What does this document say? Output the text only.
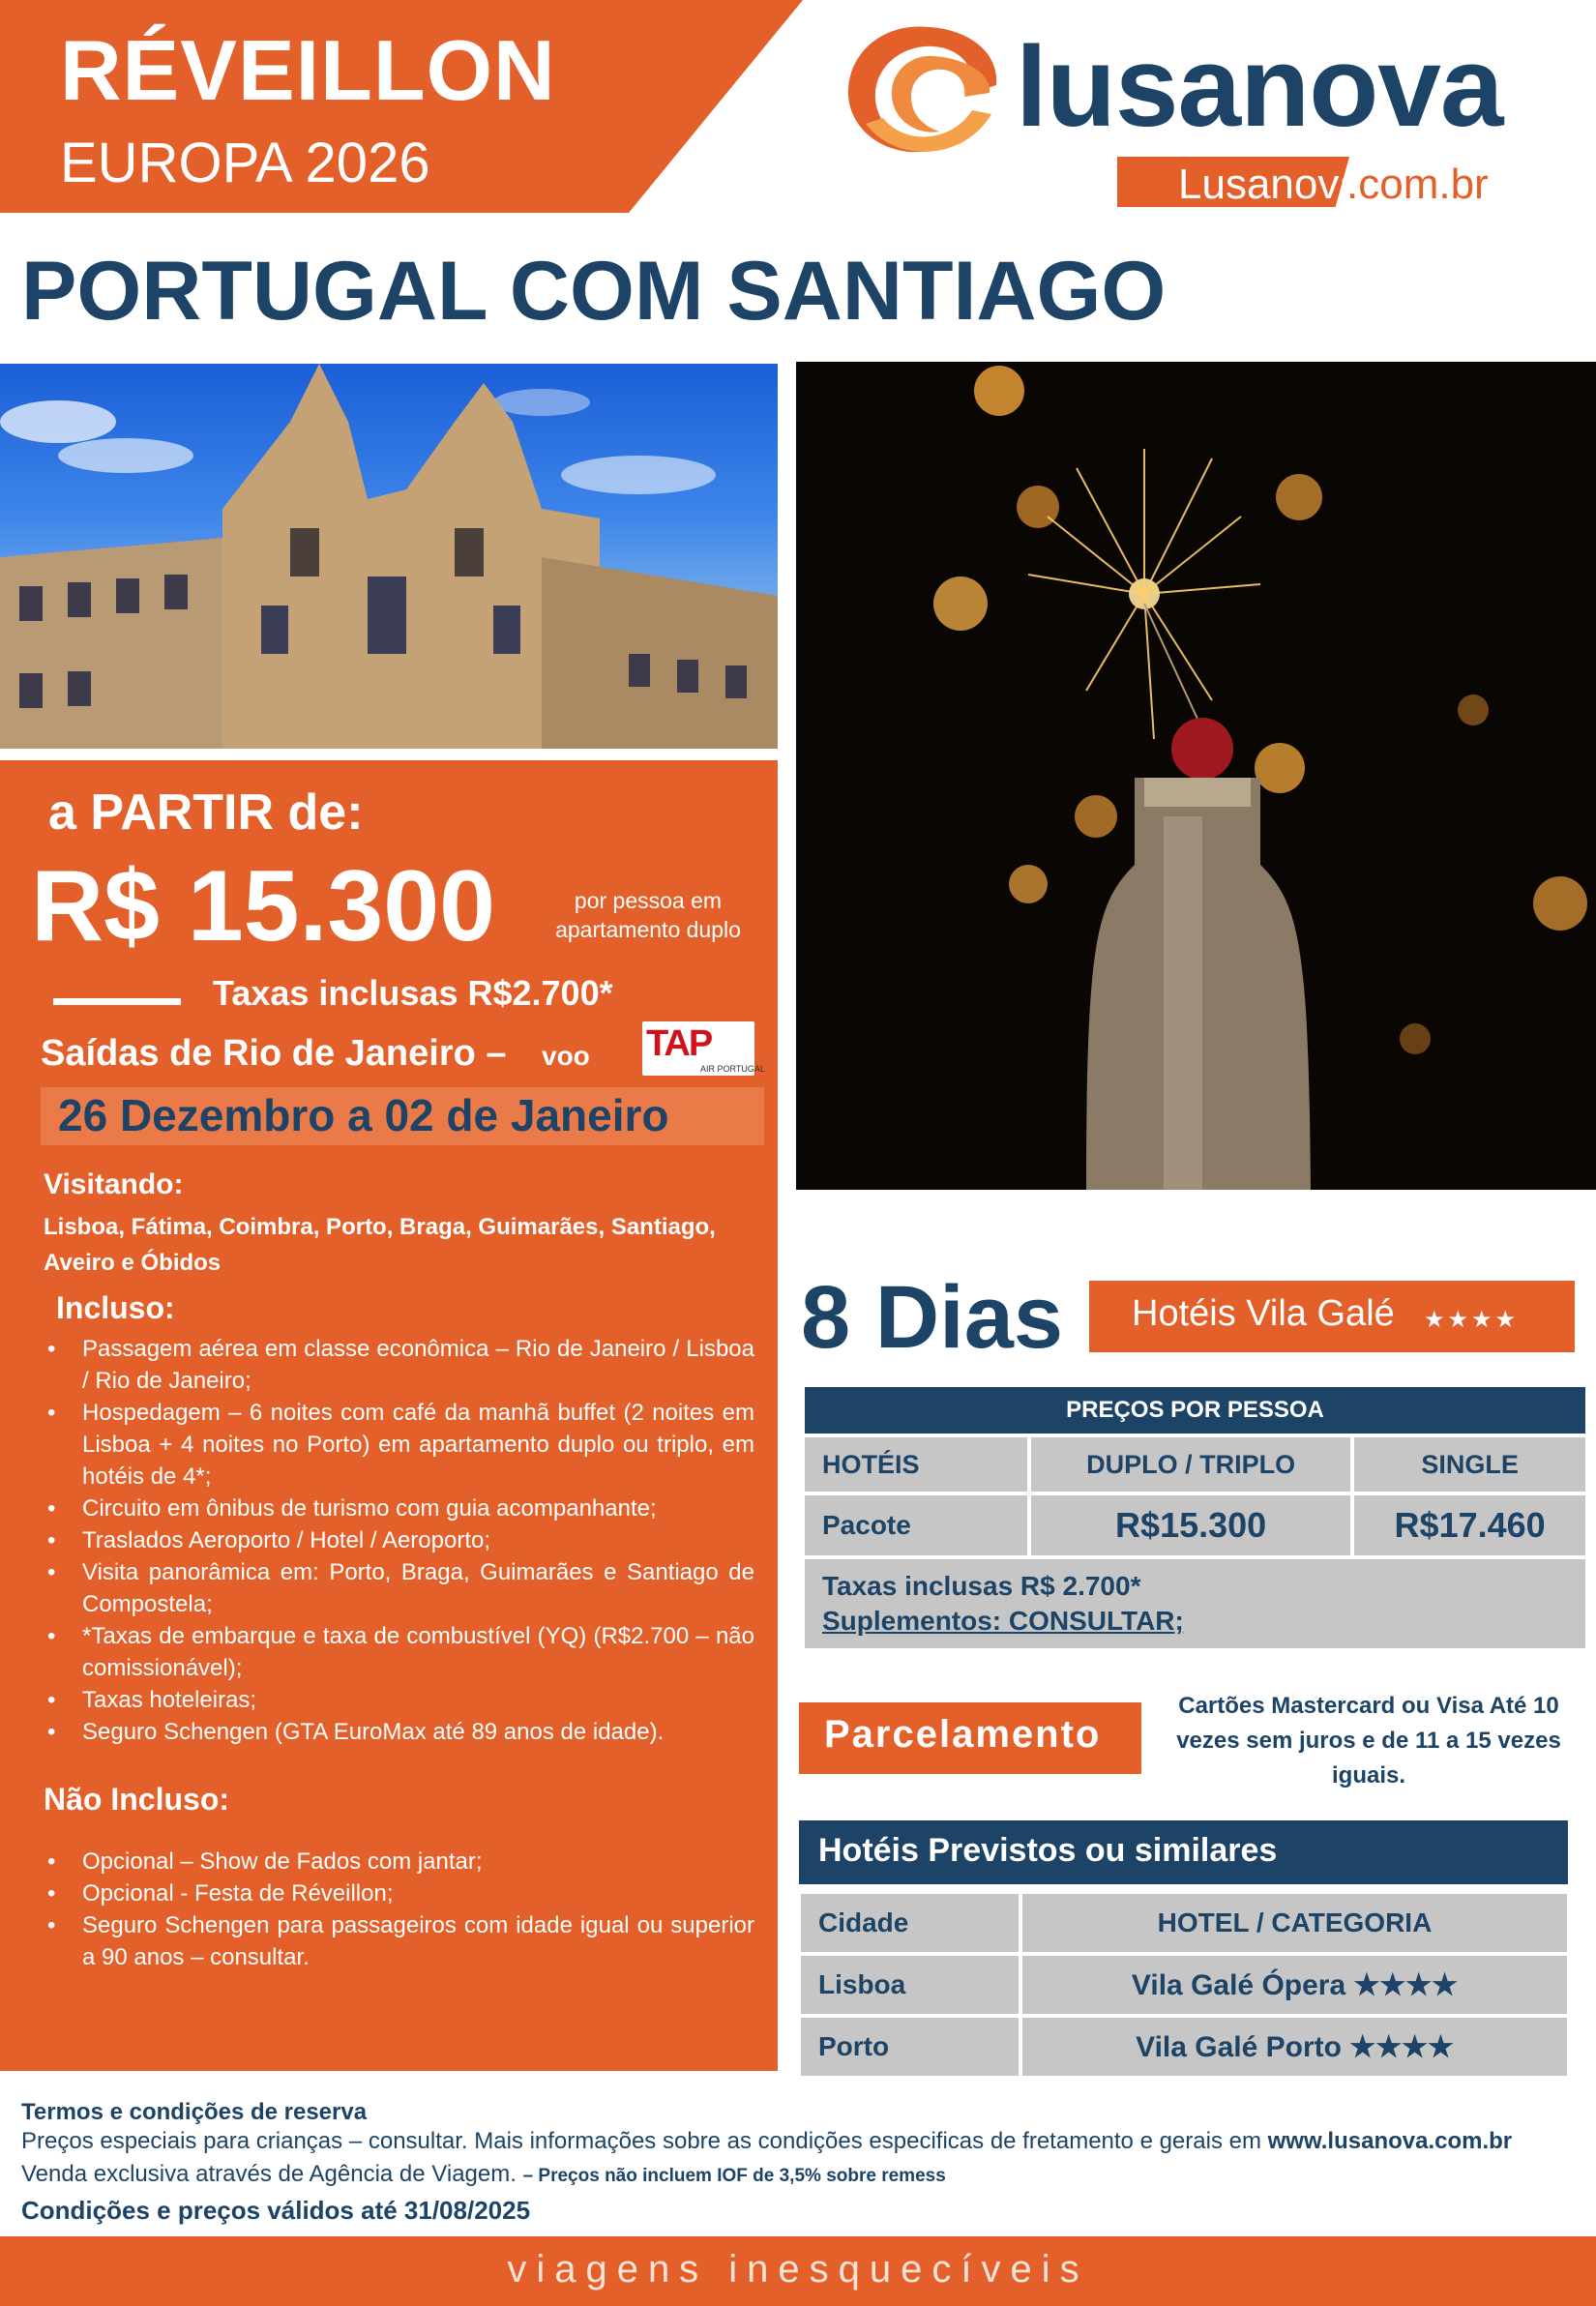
RÉVEILLON
EUROPA 2026
lusanova
Lusanova
.com.br
PORTUGAL COM SANTIAGO
a PARTIR de:
R$ 15.300	por pessoa em apartamento duplo
Taxas inclusas R$2.700*
Saídas de Rio de Janeiro – voo TAP
AIR PORTUGAL
26 Dezembro a 02 de Janeiro
Visitando:
Lisboa, Fátima, Coimbra, Porto, Braga, Guimarães, Santiago, Aveiro e Óbidos
Incluso:
• Passagem aérea em classe econômica – Rio de Janeiro / Lisboa / Rio de Janeiro;
• Hospedagem – 6 noites com café da manhã buffet (2 noites em Lisboa + 4 noites no Porto) em apartamento duplo ou triplo, em hotéis de 4*;
• Circuito em ônibus de turismo com guia acompanhante;
• Traslados Aeroporto / Hotel / Aeroporto;
• Visita panorâmica em: Porto, Braga, Guimarães e Santiago de Compostela;
• *Taxas de embarque e taxa de combustível (YQ) (R$2.700 – não comissionável);
• Taxas hoteleiras;
• Seguro Schengen (GTA EuroMax até 89 anos de idade).
Não Incluso:
• Opcional – Show de Fados com jantar;
• Opcional - Festa de Réveillon;
• Seguro Schengen para passageiros com idade igual ou superior a 90 anos – consultar.
8 Dias Hotéis Vila Galé ★★★★
PREÇOS POR PESSOA		
HOTÉIS	DUPLO / TRIPLO	SINGLE
Pacote	R$15.300	R$17.460

Taxas inclusas R$ 2.700*
Suplementos: CONSULTAR;		
Parcelamento
Cartões Mastercard ou Visa Até 10 vezes sem juros e de 11 a 15 vezes iguais.
Hotéis Previstos ou similares
Cidade	HOTEL / CATEGORIA
Lisboa	Vila Galé Ópera ★★★★
Porto	Vila Galé Porto ★★★★
Termos e condições de reserva
Preços especiais para crianças – consultar. Mais informações sobre as condições especificas de fretamento e gerais em www.lusanova.com.br
Venda exclusiva através de Agência de Viagem. – Preços não incluem IOF de 3,5% sobre remess
Condições e preços válidos até 31/08/2025
viagens inesquecíveis
